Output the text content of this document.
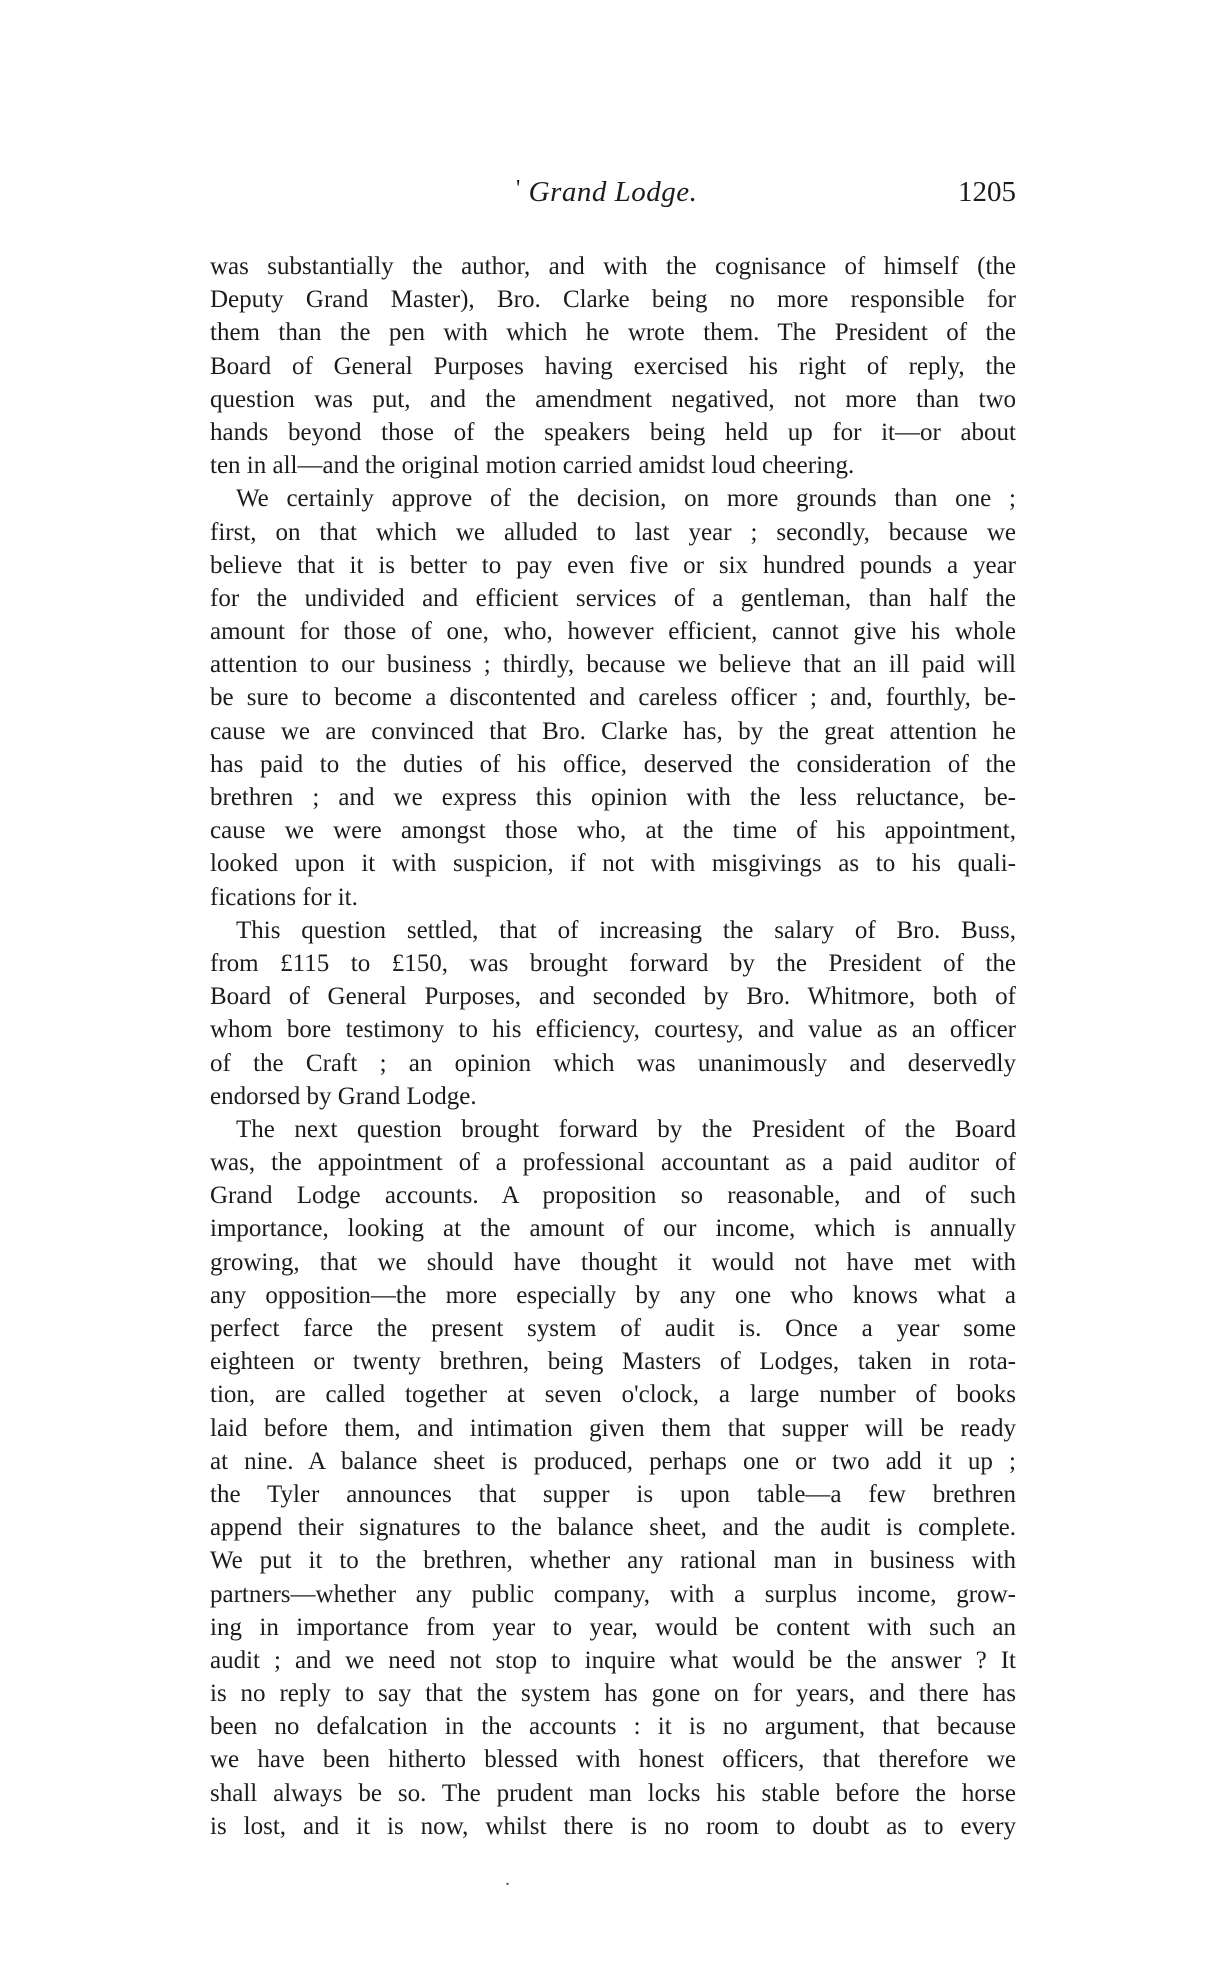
' Grand Lodge.	1205
was substantially the author, and with the cognisance of himself (the
Deputy Grand Master), Bro. Clarke being no more responsible for
them than the pen with which he wrote them. The President of the
Board of General Purposes having exercised his right of reply, the
question was put, and the amendment negatived, not more than two
hands beyond those of the speakers being held up for it—or about
ten in all—and the original motion carried amidst loud cheering.
We certainly approve of the decision, on more grounds than one ;
first, on that which we alluded to last year ; secondly, because we
believe that it is better to pay even five or six hundred pounds a year
for the undivided and efficient services of a gentleman, than half the
amount for those of one, who, however efficient, cannot give his whole
attention to our business ; thirdly, because we believe that an ill paid will
be sure to become a discontented and careless officer ; and, fourthly, be-
cause we are convinced that Bro. Clarke has, by the great attention he
has paid to the duties of his office, deserved the consideration of the
brethren ; and we express this opinion with the less reluctance, be-
cause we were amongst those who, at the time of his appointment,
looked upon it with suspicion, if not with misgivings as to his quali-
fications for it.
This question settled, that of increasing the salary of Bro. Buss,
from £115 to £150, was brought forward by the President of the
Board of General Purposes, and seconded by Bro. Whitmore, both of
whom bore testimony to his efficiency, courtesy, and value as an officer
of the Craft ; an opinion which was unanimously and deservedly
endorsed by Grand Lodge.
The next question brought forward by the President of the Board
was, the appointment of a professional accountant as a paid auditor of
Grand Lodge accounts. A proposition so reasonable, and of such
importance, looking at the amount of our income, which is annually
growing, that we should have thought it would not have met with
any opposition—the more especially by any one who knows what a
perfect farce the present system of audit is. Once a year some
eighteen or twenty brethren, being Masters of Lodges, taken in rota-
tion, are called together at seven o'clock, a large number of books
laid before them, and intimation given them that supper will be ready
at nine. A balance sheet is produced, perhaps one or two add it up ;
the Tyler announces that supper is upon table—a few brethren
append their signatures to the balance sheet, and the audit is complete.
We put it to the brethren, whether any rational man in business with
partners—whether any public company, with a surplus income, grow-
ing in importance from year to year, would be content with such an
audit ; and we need not stop to inquire what would be the answer ? It
is no reply to say that the system has gone on for years, and there has
been no defalcation in the accounts : it is no argument, that because
we have been hitherto blessed with honest officers, that therefore we
shall always be so. The prudent man locks his stable before the horse
is lost, and it is now, whilst there is no room to doubt as to every
.
